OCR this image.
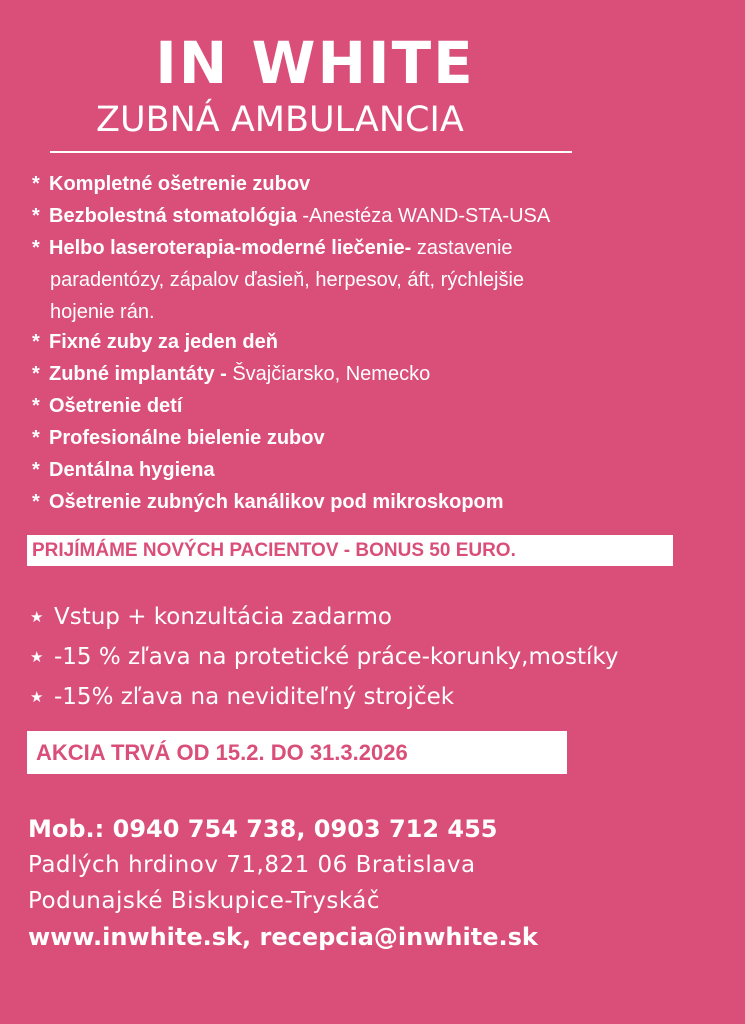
IN WHITE
ZUBNÁ AMBULANCIA
* Kompletné ošetrenie zubov
* Bezbolestná stomatológia -Anestéza WAND-STA-USA
* Helbo laseroterapia-moderné liečenie- zastavenie
paradentózy, zápalov ďasieň, herpesov, áft, rýchlejšie
hojenie rán.
* Fixné zuby za jeden deň
* Zubné implantáty - Švajčiarsko, Nemecko
* Ošetrenie detí
* Profesionálne bielenie zubov
* Dentálna hygiena
* Ošetrenie zubných kanálikov pod mikroskopom
PRIJÍMÁME NOVÝCH PACIENTOV - BONUS 50 EURO.
★ Vstup + konzultácia zadarmo
★ -15 % zľava na protetické práce-korunky,mostíky
★ -15% zľava na neviditeľný strojček
AKCIA TRVÁ OD 15.2. DO 31.3.2026
Mob.: 0940 754 738, 0903 712 455
Padlých hrdinov 71,821 06 Bratislava
Podunajské Biskupice-Tryskáč
www.inwhite.sk, recepcia@inwhite.sk
